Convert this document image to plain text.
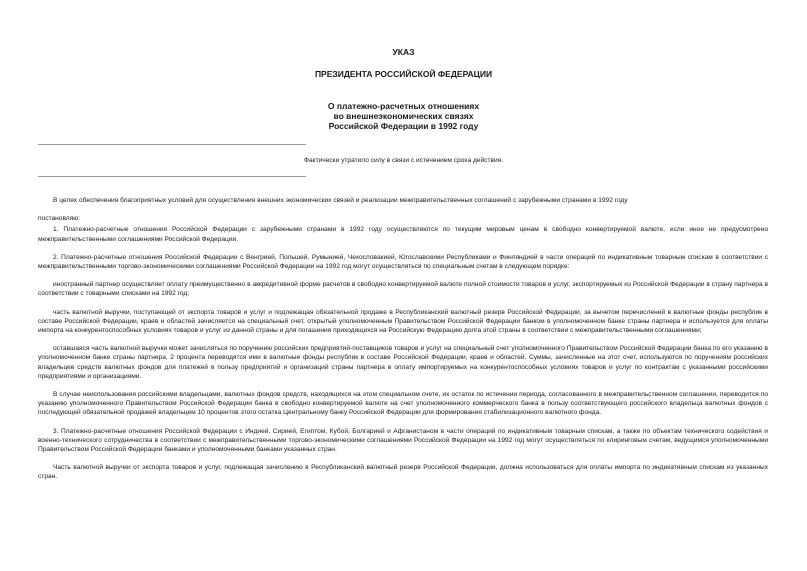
УКАЗ
ПРЕЗИДЕНТА РОССИЙСКОЙ ФЕДЕРАЦИИ
О платежно-расчетных отношениях
во внешнеэкономических связях
Российской Федерации в 1992 году

Фактически утратило силу в связи с истечением срока действия.

В целях обеспечения благоприятных условий для осуществления внешних экономических связей и реализации межправительственных соглашений с зарубежными странами в 1992 году

постановляю:

1. Платежно-расчетные отношения Российской Федерации с зарубежными странами в 1992 году осуществляются по текущим мировым ценам в свободно конвертируемой валюте, если иное не предусмотрено межправительственными соглашениями Российской Федерации.

2. Платежно-расчетные отношения Российской Федерации с Венгрией, Польшей, Румынией, Чехословакией, Югославскими Республиками и Финляндией в части операций по индикативным товарным спискам в соответствии с межправительственными торгово-экономическими соглашениями Российской Федерации на 1992 год могут осуществляться по специальным счетам в следующем порядке:

иностранный партнер осуществляет оплату преимущественно в аккредитивной форме расчетов в свободно конвертируемой валюте полной стоимости товаров и услуг, экспортируемых из Российской Федерации в страну партнера в соответствии с товарными списками на 1992 год;

часть валютной выручки, поступающей от экспорта товаров и услуг и подлежащая обязательной продаже в Республиканский валютный резерв Российской Федерации, за вычетом перечислений в валютные фонды республик в составе Российской Федерации, краев и областей зачисляется на специальный счет, открытый уполномоченным Правительством Российской Федерации банком в уполномоченном банке страны партнера и используется для оплаты импорта на конкурентоспособных условиях товаров и услуг из данной страны и для погашения приходящихся на Российскую Федерацию долга этой страны в соответствии с межправительственными соглашениями;

оставшаяся часть валютной выручки может зачисляться по поручению российских предприятий-поставщиков товаров и услуг на специальный счет уполномоченного Правительством Российской Федерации банка по его указанию в уполномоченном банке страны партнера, 2 процента переводятся ими в валютные фонды республик в составе Российской Федерации, краев и областей. Суммы, зачисленные на этот счет, используются по поручениям российских владельцев средств валютных фондов для платежей в пользу предприятий и организаций страны партнера в оплату импортируемых на конкурентоспособных условиях товаров и услуг по контрактам с указанными российскими предприятиями и организациями.

В случае неиспользования российскими владельцами, валютных фондов средств, находящихся на этом специальном счете, их остаток по истечении периода, согласованного в межправительственном соглашении, переводится по указанию уполномоченного Правительством Российской Федерации банка в свободно конвертируемой валюте на счет уполномоченного коммерческого банка в пользу соответствующего российского владельца валютных фондов с последующей обязательной продажей владельцем 10 процентов этого остатка Центральному банку Российской Федерации для формирования стабилизационного валютного фонда.

3. Платежно-расчетные отношения Российской Федерации с Индией, Сирией, Египтом, Кубой, Болгарией и Афганистаном в части операций по индикативным товарным спискам, а также по объектам технического содействия и военно-технического сотрудничества в соответствии с межправительственными торгово-экономическими соглашениями Российской Федерации на 1992 год могут осуществляться по клиринговым счетам, ведущимся уполномоченными Правительством Российской Федерации банками и уполномоченными банками указанных стран.

Часть валютной выручки от экспорта товаров и услуг, подлежащая зачислению в Республиканский валютный резерв Российской Федерации, должна использоваться для оплаты импорта по индикативным спискам из указанных стран.
